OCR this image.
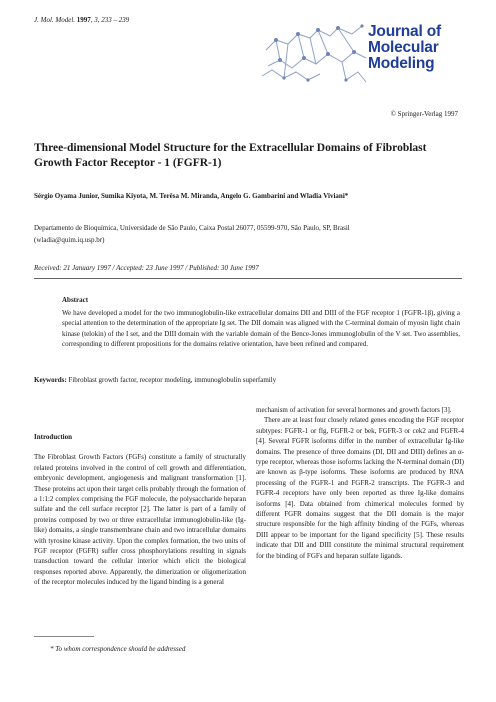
J. Mol. Model. 1997, 3, 233 – 239
Journal of
Molecular
Modeling
© Springer-Verlag 1997
Three-dimensional Model Structure for the Extracellular Domains of Fibroblast Growth Factor Receptor - 1 (FGFR-1)
Sérgio Oyama Junior, Sumika Kiyota, M. Terêsa M. Miranda, Angelo G. Gambarini and Wladia Viviani*
Departamento de Bioquímica, Universidade de São Paulo, Caixa Postal 26077, 05599-970, São Paulo, SP, Brasil
(wladia@quim.iq.usp.br)
Received: 21 January 1997 / Accepted: 23 June 1997 / Published: 30 June 1997
Abstract
We have developed a model for the two immunoglobulin-like extracellular domains DII and DIII of the FGF receptor 1 (FGFR-1β), giving a special attention to the determination of the appropriate Ig set. The DII domain was aligned with the C-terminal domain of myosin light chain kinase (telokin) of the I set, and the DIII domain with the variable domain of the Bence-Jones immunoglobulin of the V set. Two assemblies, corresponding to different propositions for the domains relative orientation, have been refined and compared.
Keywords: Fibroblast growth factor, receptor modeling, immunoglobulin superfamily
Introduction

The Fibroblast Growth Factors (FGFs) constitute a family of structurally related proteins involved in the control of cell growth and differentiation, embryonic development, angiogenesis and malignant transformation [1]. These proteins act upon their target cells probably through the formation of a 1:1:2 complex comprising the FGF molecule, the polysaccharide heparan sulfate and the cell surface receptor [2]. The latter is part of a family of proteins composed by two or three extracellular immunoglobulin-like (Ig-like) domains, a single transmembrane chain and two intracellular domains with tyrosine kinase activity. Upon the complex formation, the two units of FGF receptor (FGFR) suffer cross phosphorylations resulting in signals transduction toward the cellular interior which elicit the biological responses reported above. Apparently, the dimerization or oligomerization of the receptor molecules induced by the ligand binding is a general

mechanism of activation for several hormones and growth factors [3].

There are at least four closely related genes encoding the FGF receptor subtypes: FGFR-1 or flg, FGFR-2 or bek, FGFR-3 or cek2 and FGFR-4 [4]. Several FGFR isoforms differ in the number of extracellular Ig-like domains. The presence of three domains (DI, DII and DIII) defines an α-type receptor, whereas those isoforms lacking the N-terminal domain (DI) are known as β-type isoforms. These isoforms are produced by RNA processing of the FGFR-1 and FGFR-2 transcripts. The FGFR-3 and FGFR-4 receptors have only been reported as three Ig-like domains isoforms [4]. Data obtained from chimerical molecules formed by different FGFR domains suggest that the DII domain is the major structure responsible for the high affinity binding of the FGFs, whereas DIII appear to be important for the ligand specificity [5]. These results indicate that DII and DIII constitute the minimal structural requirement for the binding of FGFs and heparan sulfate ligands.

* To whom correspondence should be addressed
